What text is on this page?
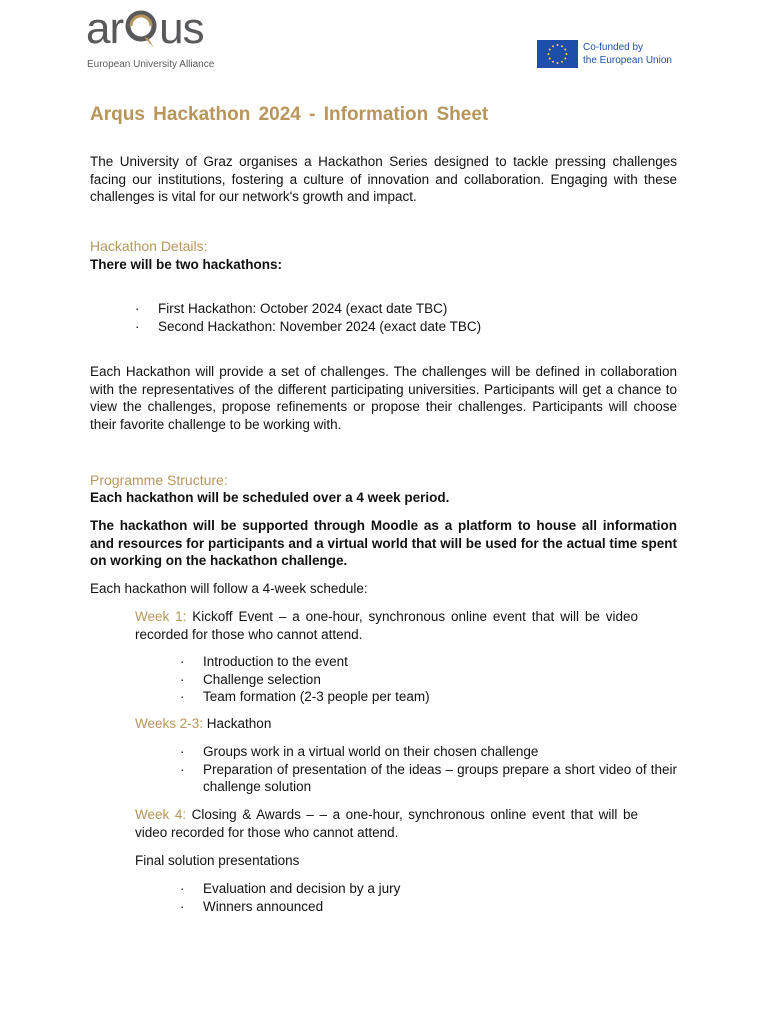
ar us
European University Alliance
Co-funded by
the European Union
Arqus Hackathon 2024 - Information Sheet

The University of Graz organises a Hackathon Series designed to tackle pressing challenges facing our institutions, fostering a culture of innovation and collaboration. Engaging with these challenges is vital for our network's growth and impact.

Hackathon Details:
There will be two hackathons:
· First Hackathon: October 2024 (exact date TBC)
· Second Hackathon: November 2024 (exact date TBC)

Each Hackathon will provide a set of challenges. The challenges will be defined in collaboration with the representatives of the different participating universities. Participants will get a chance to view the challenges, propose refinements or propose their challenges. Participants will choose their favorite challenge to be working with.

Programme Structure:
Each hackathon will be scheduled over a 4 week period.

The hackathon will be supported through Moodle as a platform to house all information and resources for participants and a virtual world that will be used for the actual time spent on working on the hackathon challenge.

Each hackathon will follow a 4-week schedule:

Week 1: Kickoff Event – a one-hour, synchronous online event that will be video recorded for those who cannot attend.

· Introduction to the event
· Challenge selection
· Team formation (2-3 people per team)

Weeks 2-3: Hackathon

· Groups work in a virtual world on their chosen challenge
· Preparation of presentation of the ideas – groups prepare a short video of their challenge solution

Week 4: Closing & Awards – – a one-hour, synchronous online event that will be video recorded for those who cannot attend.

Final solution presentations
· Evaluation and decision by a jury
· Winners announced
